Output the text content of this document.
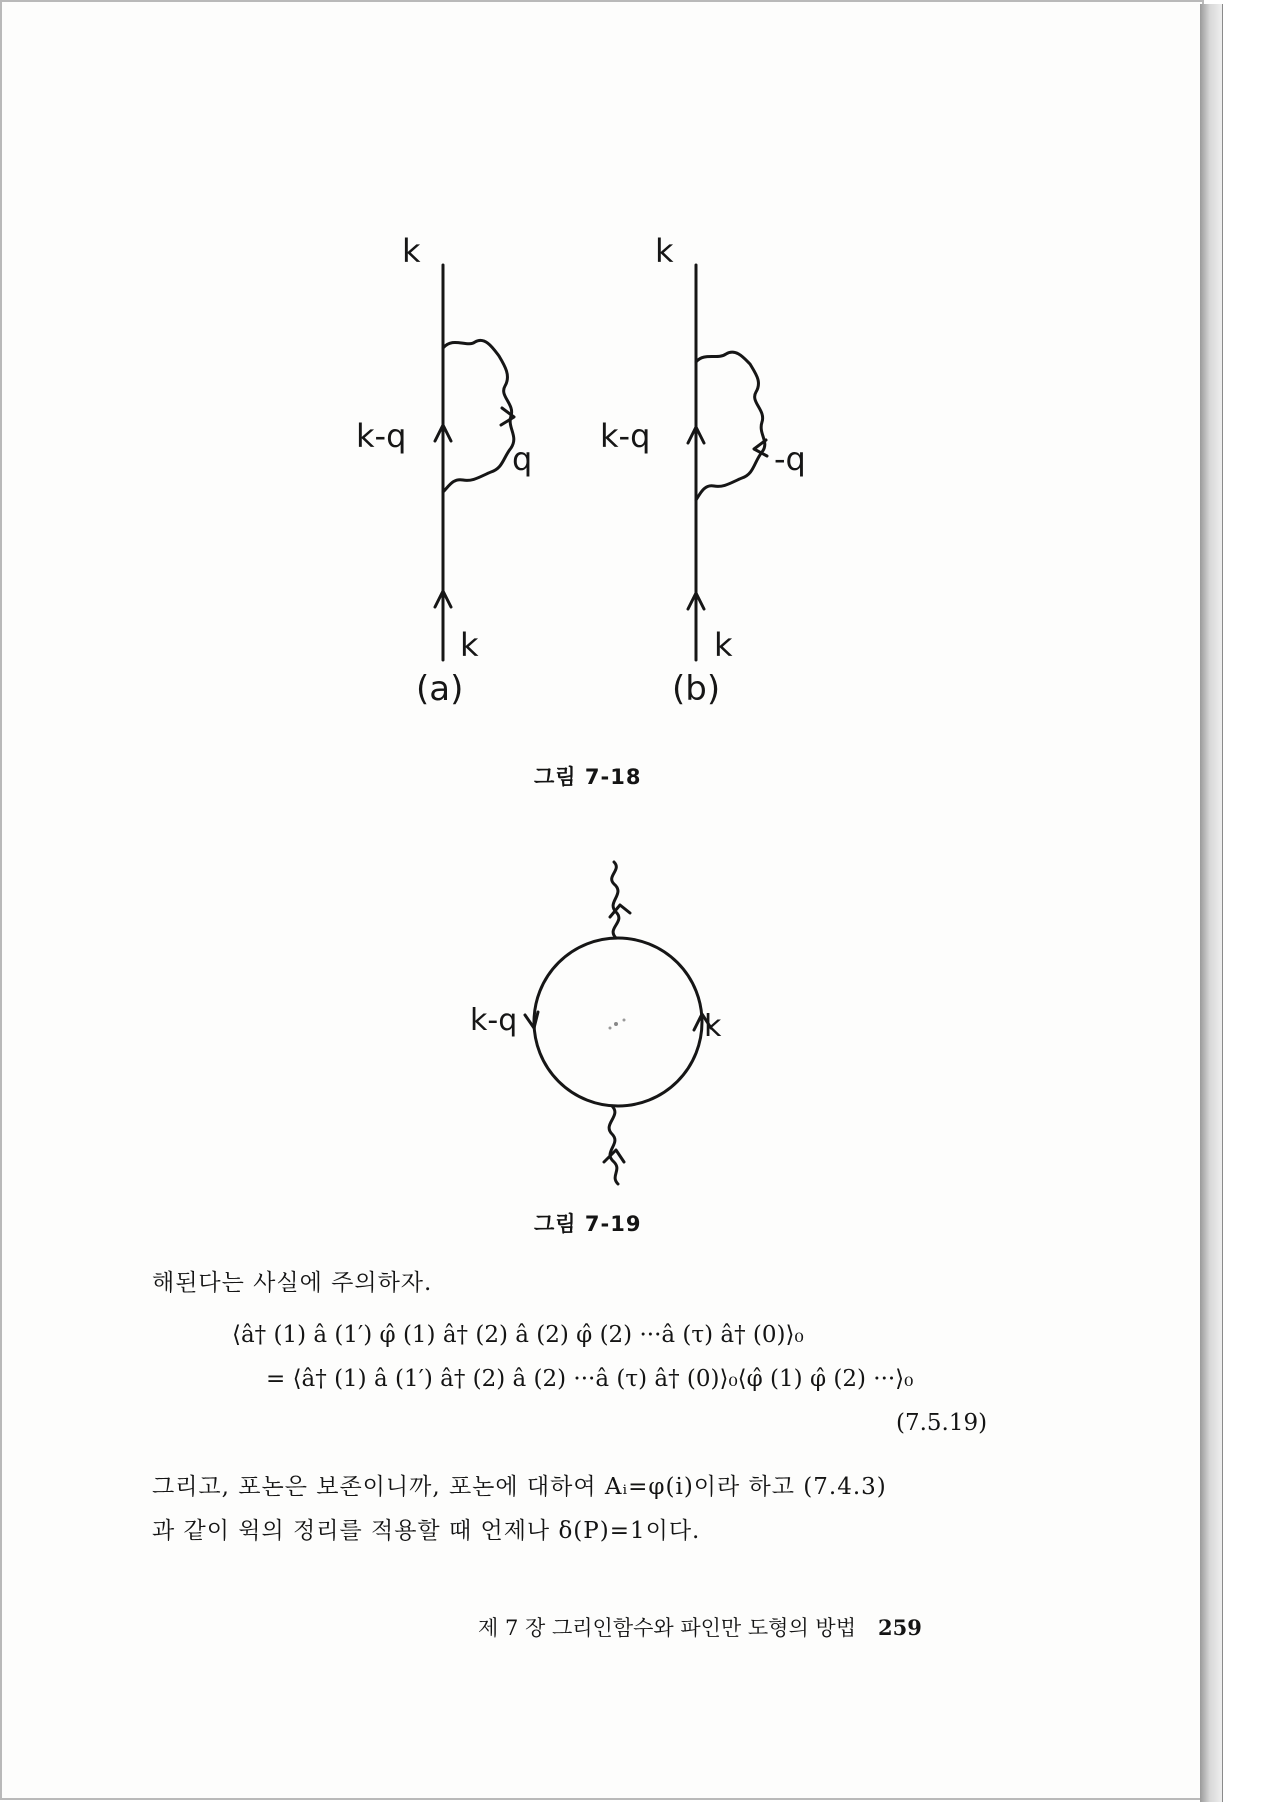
k
k-q
q
k
(a)
k
k-q
-q
k
(b)
k-q	k
그림 7-18
그림 7-19
해된다는 사실에 주의하자.
⟨â† (1) â (1′) φ̂ (1) â† (2) â (2) φ̂ (2) ···â (τ) â† (0)⟩₀
= ⟨â† (1) â (1′) â† (2) â (2) ···â (τ) â† (0)⟩₀⟨φ̂ (1) φ̂ (2) ···⟩₀
(7.5.19)
그리고, 포논은 보존이니까, 포논에 대하여 Aᵢ=φ(i)이라 하고 (7.4.3)
과 같이 윅의 정리를 적용할 때 언제나 δ(P)=1이다.
제 7 장 그리인함수와 파인만 도형의 방법 259
